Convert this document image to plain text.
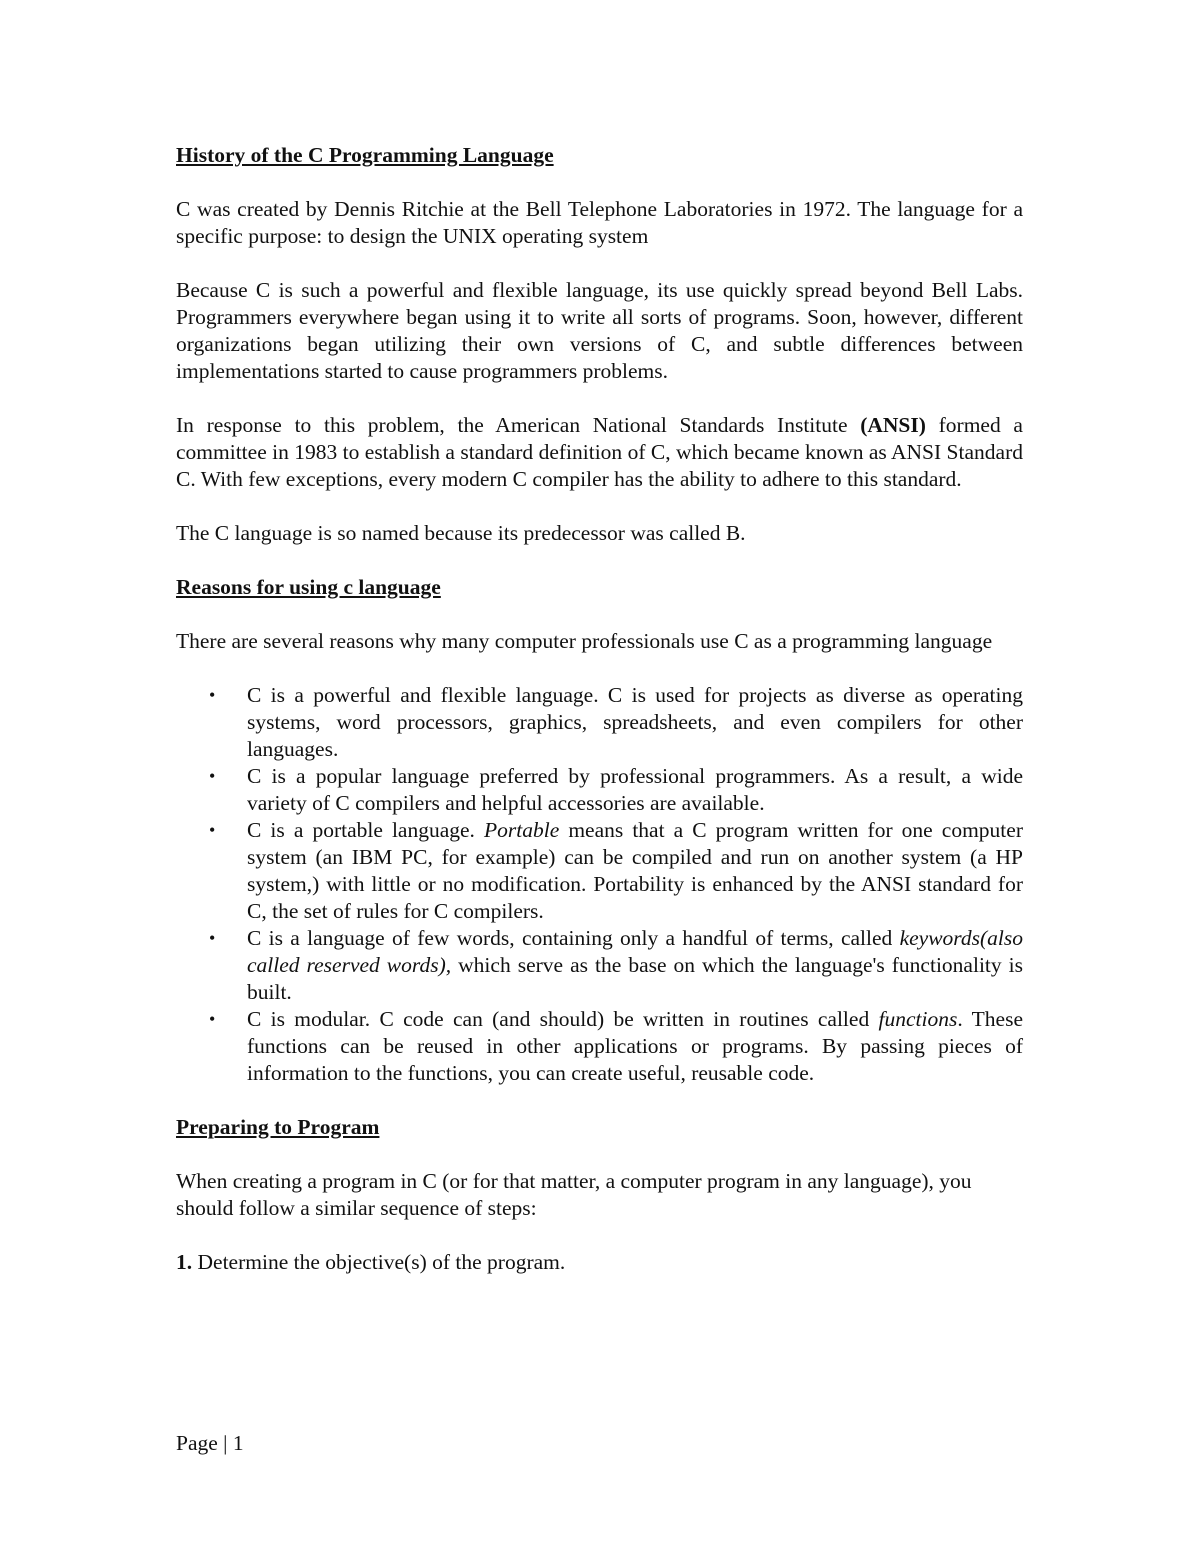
History of the C Programming Language

C was created by Dennis Ritchie at the Bell Telephone Laboratories in 1972. The language for a specific purpose: to design the UNIX operating system

Because C is such a powerful and flexible language, its use quickly spread beyond Bell Labs. Programmers everywhere began using it to write all sorts of programs. Soon, however, different organizations began utilizing their own versions of C, and subtle differences between implementations started to cause programmers problems.

In response to this problem, the American National Standards Institute (ANSI) formed a committee in 1983 to establish a standard definition of C, which became known as ANSI Standard C. With few exceptions, every modern C compiler has the ability to adhere to this standard.

The C language is so named because its predecessor was called B.

Reasons for using c language

There are several reasons why many computer professionals use C as a programming language

• C is a powerful and flexible language. C is used for projects as diverse as operating systems, word processors, graphics, spreadsheets, and even compilers for other languages.
• C is a popular language preferred by professional programmers. As a result, a wide variety of C compilers and helpful accessories are available.
• C is a portable language. Portable means that a C program written for one computer system (an IBM PC, for example) can be compiled and run on another system (a HP system,) with little or no modification. Portability is enhanced by the ANSI standard for C, the set of rules for C compilers.
• C is a language of few words, containing only a handful of terms, called keywords(also called reserved words), which serve as the base on which the language's functionality is built.
• C is modular. C code can (and should) be written in routines called functions. These functions can be reused in other applications or programs. By passing pieces of information to the functions, you can create useful, reusable code.
Preparing to Program

When creating a program in C (or for that matter, a computer program in any language), you should follow a similar sequence of steps:

1. Determine the objective(s) of the program.

Page | 1
